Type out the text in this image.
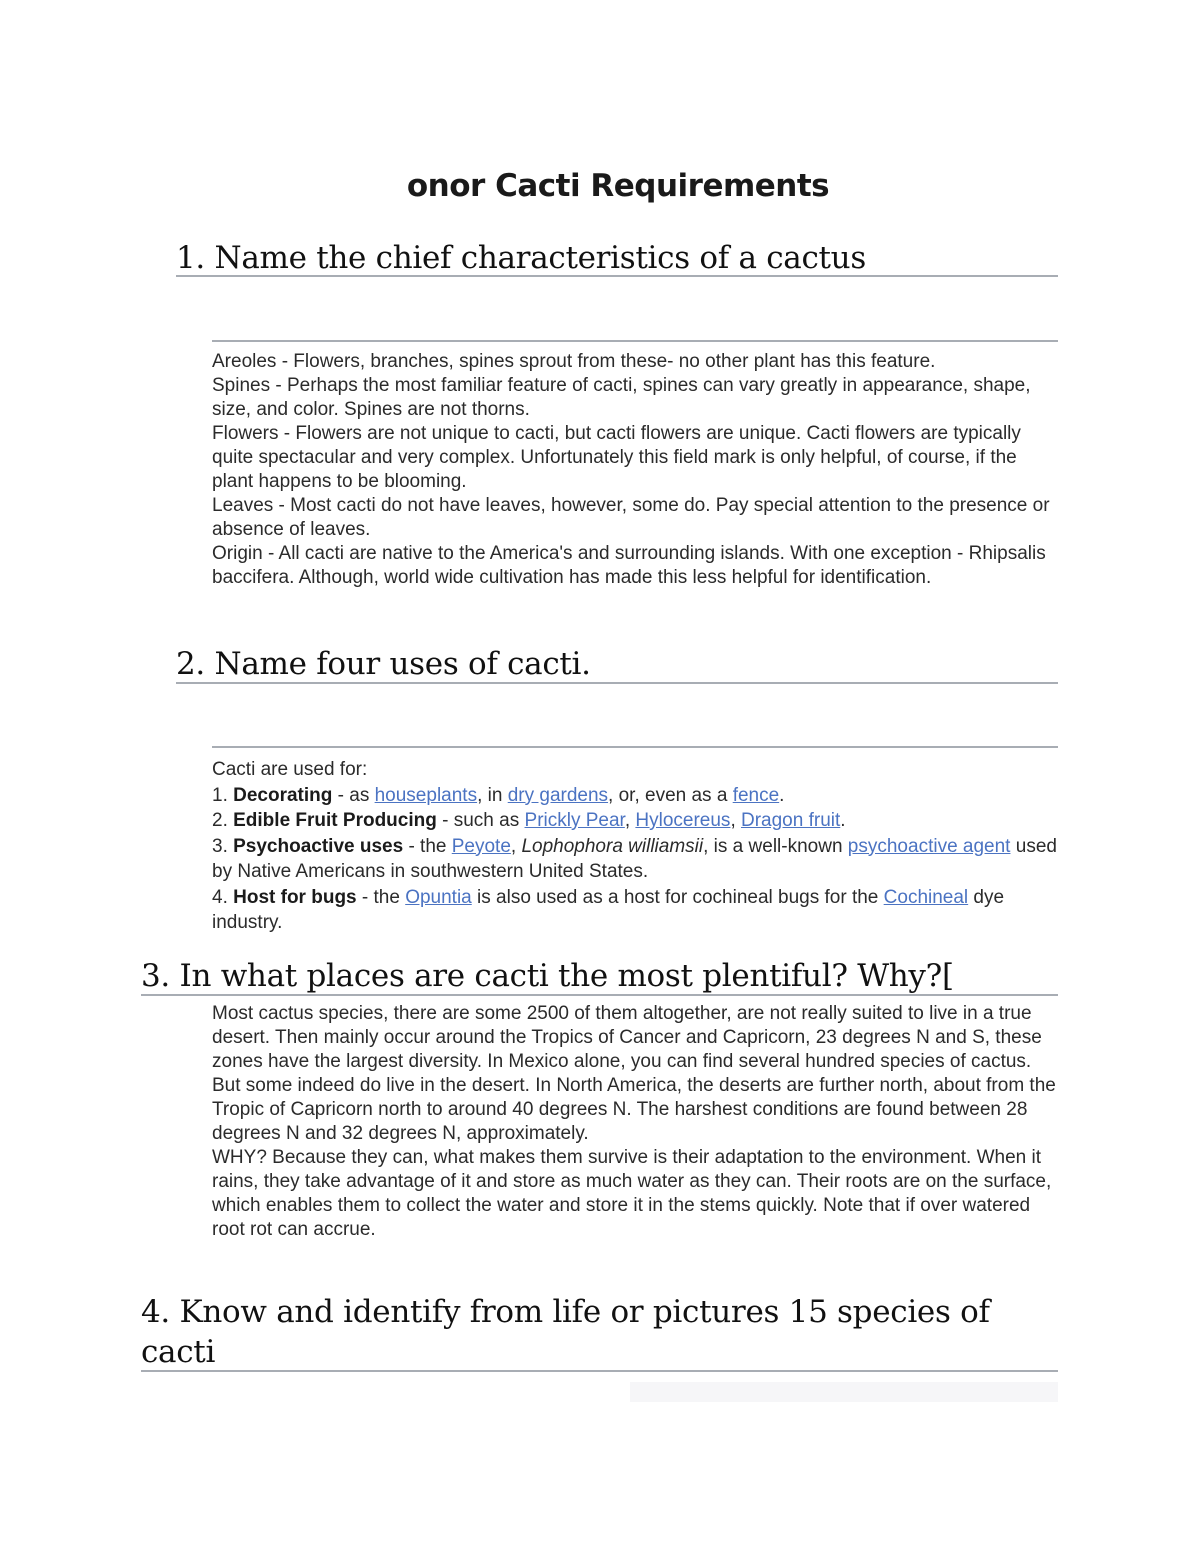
onor Cacti Requirements
1. Name the chief characteristics of a cactus

Areoles - Flowers, branches, spines sprout from these- no other plant has this feature.

Spines - Perhaps the most familiar feature of cacti, spines can vary greatly in appearance, shape, size, and color. Spines are not thorns.

Flowers - Flowers are not unique to cacti, but cacti flowers are unique. Cacti flowers are typically quite spectacular and very complex. Unfortunately this field mark is only helpful, of course, if the plant happens to be blooming.

Leaves - Most cacti do not have leaves, however, some do. Pay special attention to the presence or absence of leaves.

Origin - All cacti are native to the America's and surrounding islands. With one exception - Rhipsalis baccifera. Although, world wide cultivation has made this less helpful for identification.

2. Name four uses of cacti.

Cacti are used for:

1. Decorating - as houseplants, in dry gardens, or, even as a fence.

2. Edible Fruit Producing - such as Prickly Pear, Hylocereus, Dragon fruit.

3. Psychoactive uses - the Peyote, Lophophora williamsii, is a well-known psychoactive agent used by Native Americans in southwestern United States.

4. Host for bugs - the Opuntia is also used as a host for cochineal bugs for the Cochineal dye industry.

3. In what places are cacti the most plentiful? Why?[

Most cactus species, there are some 2500 of them altogether, are not really suited to live in a true desert. Then mainly occur around the Tropics of Cancer and Capricorn, 23 degrees N and S, these zones have the largest diversity. In Mexico alone, you can find several hundred species of cactus.

But some indeed do live in the desert. In North America, the deserts are further north, about from the Tropic of Capricorn north to around 40 degrees N. The harshest conditions are found between 28 degrees N and 32 degrees N, approximately.

WHY? Because they can, what makes them survive is their adaptation to the environment. When it rains, they take advantage of it and store as much water as they can. Their roots are on the surface, which enables them to collect the water and store it in the stems quickly. Note that if over watered root rot can accrue.

4. Know and identify from life or pictures 15 species of cacti
